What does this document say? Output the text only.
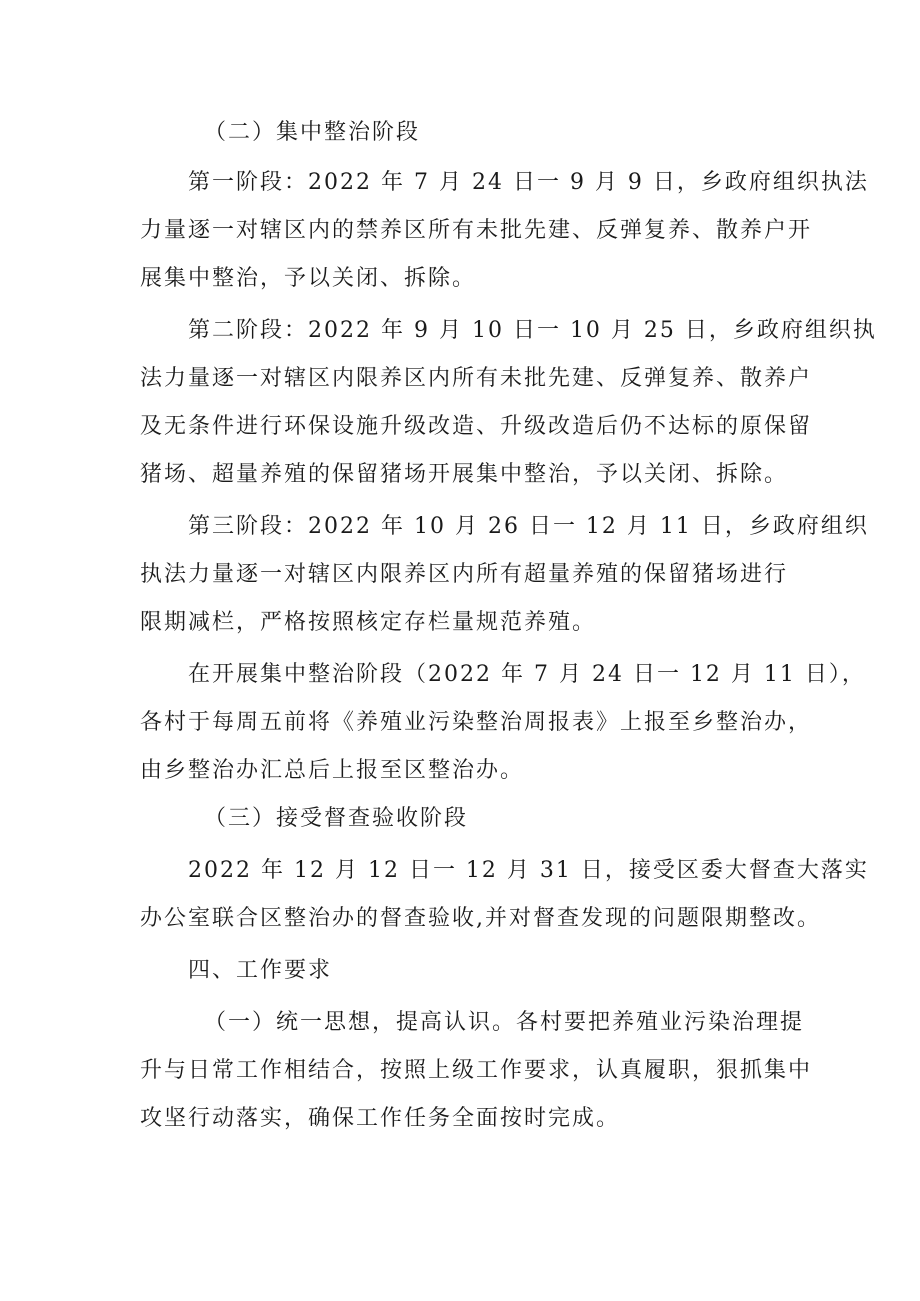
（二）集中整治阶段
第一阶段：2022 年 7 月 24 日一 9 月 9 日，乡政府组织执法
力量逐一对辖区内的禁养区所有未批先建、反弹复养、散养户开
展集中整治，予以关闭、拆除。
第二阶段：2022 年 9 月 10 日一 10 月 25 日，乡政府组织执
法力量逐一对辖区内限养区内所有未批先建、反弹复养、散养户
及无条件进行环保设施升级改造、升级改造后仍不达标的原保留
猪场、超量养殖的保留猪场开展集中整治，予以关闭、拆除。
第三阶段：2022 年 10 月 26 日一 12 月 11 日，乡政府组织
执法力量逐一对辖区内限养区内所有超量养殖的保留猪场进行
限期减栏，严格按照核定存栏量规范养殖。
在开展集中整治阶段（2022 年 7 月 24 日一 12 月 11 日），
各村于每周五前将《养殖业污染整治周报表》上报至乡整治办，
由乡整治办汇总后上报至区整治办。
（三）接受督查验收阶段
2022 年 12 月 12 日一 12 月 31 日，接受区委大督查大落实
办公室联合区整治办的督查验收,并对督查发现的问题限期整改。
四、工作要求
（一）统一思想，提高认识。各村要把养殖业污染治理提
升与日常工作相结合，按照上级工作要求，认真履职，狠抓集中
攻坚行动落实，确保工作任务全面按时完成。
